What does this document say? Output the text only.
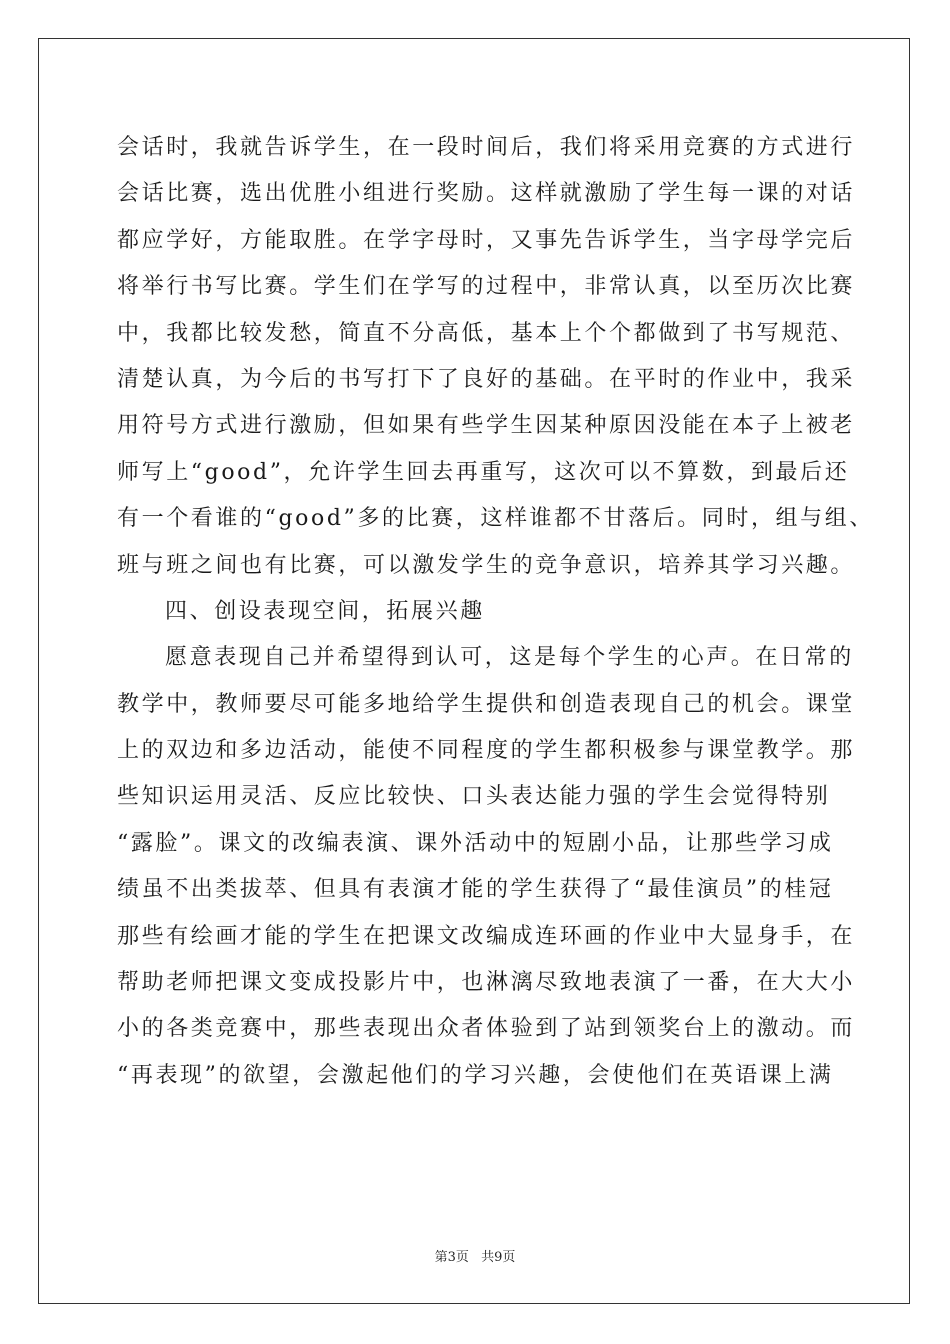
会话时，我就告诉学生，在一段时间后，我们将采用竞赛的方式进行
会话比赛，选出优胜小组进行奖励。这样就激励了学生每一课的对话
都应学好，方能取胜。在学字母时，又事先告诉学生，当字母学完后
将举行书写比赛。学生们在学写的过程中，非常认真，以至历次比赛
中，我都比较发愁，简直不分高低，基本上个个都做到了书写规范、
清楚认真，为今后的书写打下了良好的基础。在平时的作业中，我采
用符号方式进行激励，但如果有些学生因某种原因没能在本子上被老
师写上“good”，允许学生回去再重写，这次可以不算数，到最后还
有一个看谁的“good”多的比赛，这样谁都不甘落后。同时，组与组、
班与班之间也有比赛，可以激发学生的竞争意识，培养其学习兴趣。
四、创设表现空间，拓展兴趣
愿意表现自己并希望得到认可，这是每个学生的心声。在日常的
教学中，教师要尽可能多地给学生提供和创造表现自己的机会。课堂
上的双边和多边活动，能使不同程度的学生都积极参与课堂教学。那
些知识运用灵活、反应比较快、口头表达能力强的学生会觉得特别
“露脸”。课文的改编表演、课外活动中的短剧小品，让那些学习成
绩虽不出类拔萃、但具有表演才能的学生获得了“最佳演员”的桂冠
那些有绘画才能的学生在把课文改编成连环画的作业中大显身手，在
帮助老师把课文变成投影片中，也淋漓尽致地表演了一番，在大大小
小的各类竞赛中，那些表现出众者体验到了站到领奖台上的激动。而
“再表现”的欲望，会激起他们的学习兴趣，会使他们在英语课上满
第3页 共9页
